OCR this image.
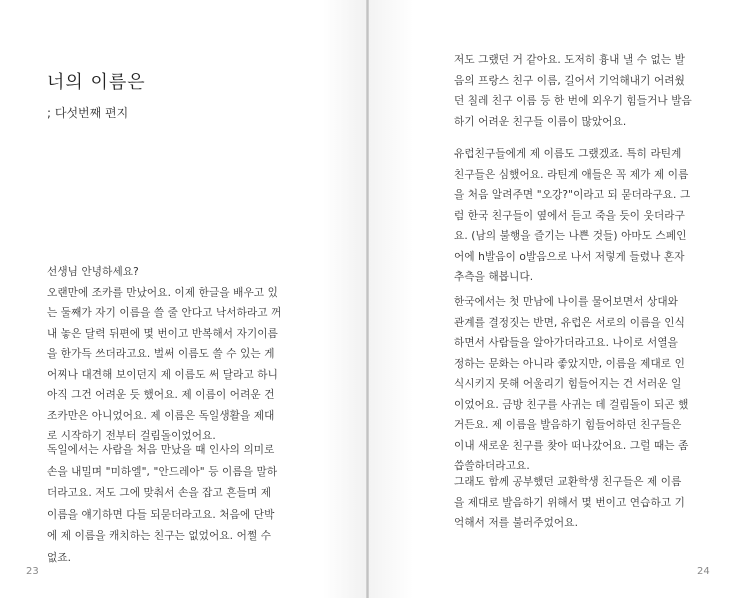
너의 이름은
; 다섯번째 편지
선생님 안녕하세요?
오랜만에 조카를 만났어요. 이제 한글을 배우고 있
는 둘째가 자기 이름을 쓸 줄 안다고 낙서하라고 꺼
내 놓은 달력 뒤편에 몇 번이고 반복해서 자기이름
을 한가득 쓰더라고요. 벌써 이름도 쓸 수 있는 게
어찌나 대견해 보이던지 제 이름도 써 달라고 하니
아직 그건 어려운 듯 했어요. 제 이름이 어려운 건
조카만은 아니었어요. 제 이름은 독일생활을 제대
로 시작하기 전부터 걸림돌이었어요.
독일에서는 사람을 처음 만났을 때 인사의 의미로
손을 내밀며 "미하엘", "안드레아" 등 이름을 말하
더라고요. 저도 그에 맞춰서 손을 잡고 흔들며 제
이름을 얘기하면 다들 되묻더라고요. 처음에 단박
에 제 이름을 캐치하는 친구는 없었어요. 어쩔 수
없죠.
23
저도 그랬던 거 같아요. 도저히 흉내 낼 수 없는 발
음의 프랑스 친구 이름, 길어서 기억해내기 어려웠
던 칠레 친구 이름 등 한 번에 외우기 힘들거나 발음
하기 어려운 친구들 이름이 많았어요.
유럽친구들에게 제 이름도 그랬겠죠. 특히 라틴계
친구들은 심했어요. 라틴계 애들은 꼭 제가 제 이름
을 처음 알려주면 "오강?"이라고 되 묻더라구요. 그
럼 한국 친구들이 옆에서 듣고 죽을 듯이 웃더라구
요. (남의 불행을 즐기는 나쁜 것들) 아마도 스페인
어에 h발음이 o발음으로 나서 저렇게 들렸나 혼자
추측을 해봅니다.
한국에서는 첫 만남에 나이를 물어보면서 상대와
관계를 결정짓는 반면, 유럽은 서로의 이름을 인식
하면서 사람들을 알아가더라고요. 나이로 서열을
정하는 문화는 아니라 좋았지만, 이름을 제대로 인
식시키지 못해 어울리기 힘들어지는 건 서러운 일
이었어요. 금방 친구를 사귀는 데 걸림돌이 되곤 했
거든요. 제 이름을 발음하기 힘들어하던 친구들은
이내 새로운 친구를 찾아 떠나갔어요. 그럴 때는 좀
씁쓸하더라고요.
그래도 함께 공부했던 교환학생 친구들은 제 이름
을 제대로 발음하기 위해서 몇 번이고 연습하고 기
억해서 저를 불러주었어요.
24
